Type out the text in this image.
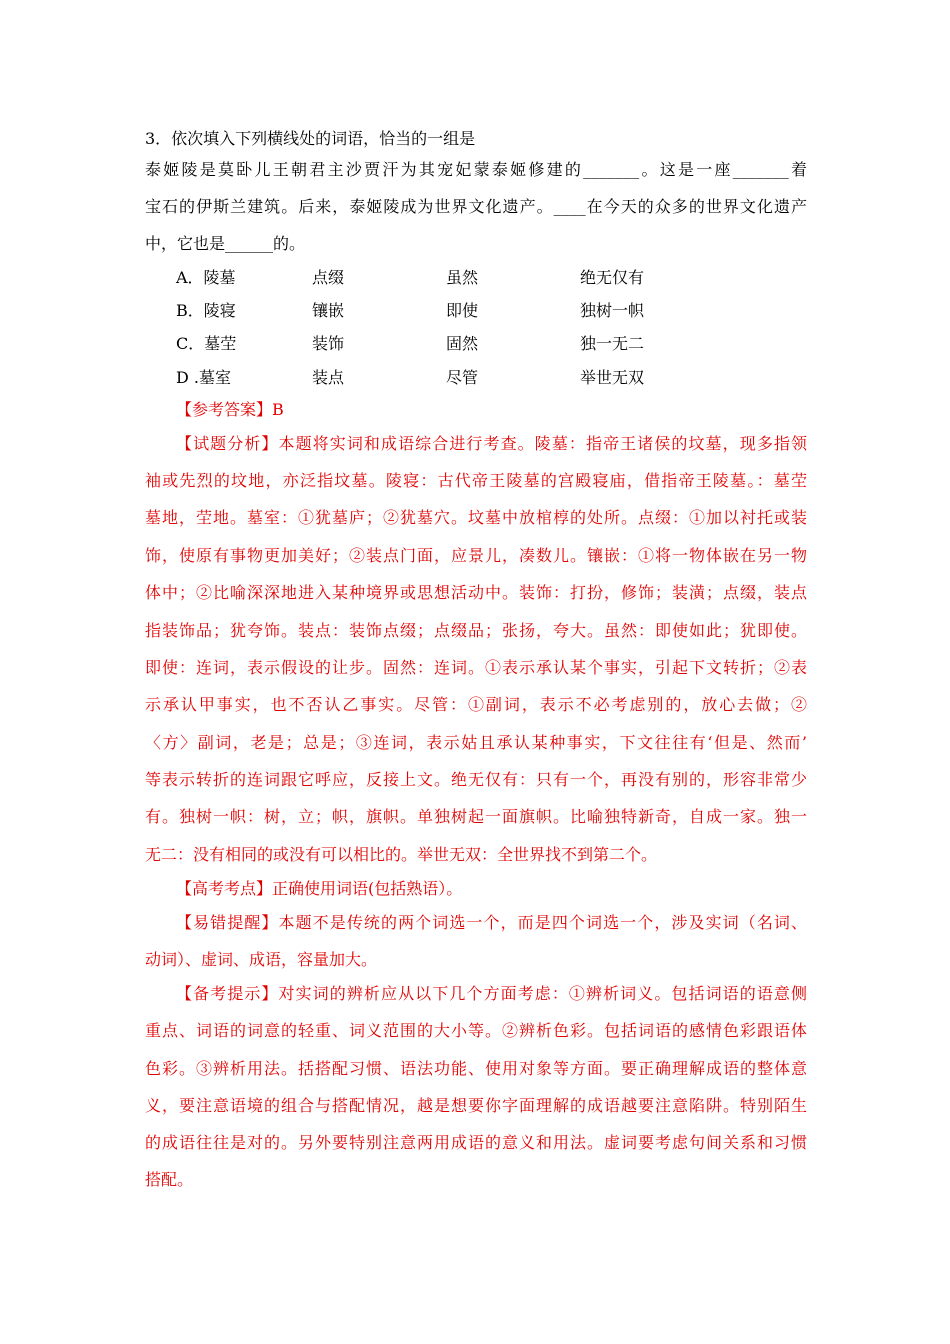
3．依次填入下列横线处的词语，恰当的一组是
泰姬陵是莫卧儿王朝君主沙贾汗为其宠妃蒙泰姬修建的_______。这是一座_______着
宝石的伊斯兰建筑。后来，泰姬陵成为世界文化遗产。____在今天的众多的世界文化遗产
中，它也是______的。
A．陵墓	点缀	虽然	绝无仅有
B．陵寝	镶嵌	即使	独树一帜
C．墓茔	装饰	固然	独一无二
D .墓室	装点	尽管	举世无双
【参考答案】B
【试题分析】本题将实词和成语综合进行考查。陵墓：指帝王诸侯的坟墓，现多指领
袖或先烈的坟地，亦泛指坟墓。陵寝：古代帝王陵墓的宫殿寝庙，借指帝王陵墓。：墓茔
墓地，茔地。墓室：①犹墓庐；②犹墓穴。坟墓中放棺椁的处所。点缀：①加以衬托或装
饰，使原有事物更加美好；②装点门面，应景儿，凑数儿。镶嵌：①将一物体嵌在另一物
体中；②比喻深深地进入某种境界或思想活动中。装饰：打扮，修饰；装潢；点缀，装点
指装饰品；犹夸饰。装点：装饰点缀；点缀品；张扬，夸大。虽然：即使如此；犹即使。
即使：连词，表示假设的让步。固然：连词。①表示承认某个事实，引起下文转折；②表
示承认甲事实，也不否认乙事实。尽管：①副词，表示不必考虑别的，放心去做；②
〈方〉副词，老是；总是；③连词，表示姑且承认某种事实，下文往往有‘但是、然而’
等表示转折的连词跟它呼应，反接上文。绝无仅有：只有一个，再没有别的，形容非常少
有。独树一帜：树，立；帜，旗帜。单独树起一面旗帜。比喻独特新奇，自成一家。独一
无二：没有相同的或没有可以相比的。举世无双：全世界找不到第二个。
【高考考点】正确使用词语(包括熟语）。
【易错提醒】本题不是传统的两个词选一个，而是四个词选一个，涉及实词（名词、
动词）、虚词、成语，容量加大。
【备考提示】对实词的辨析应从以下几个方面考虑：①辨析词义。包括词语的语意侧
重点、词语的词意的轻重、词义范围的大小等。②辨析色彩。包括词语的感情色彩跟语体
色彩。③辨析用法。括搭配习惯、语法功能、使用对象等方面。要正确理解成语的整体意
义，要注意语境的组合与搭配情况，越是想要你字面理解的成语越要注意陷阱。特别陌生
的成语往往是对的。另外要特别注意两用成语的意义和用法。虚词要考虑句间关系和习惯
搭配。
